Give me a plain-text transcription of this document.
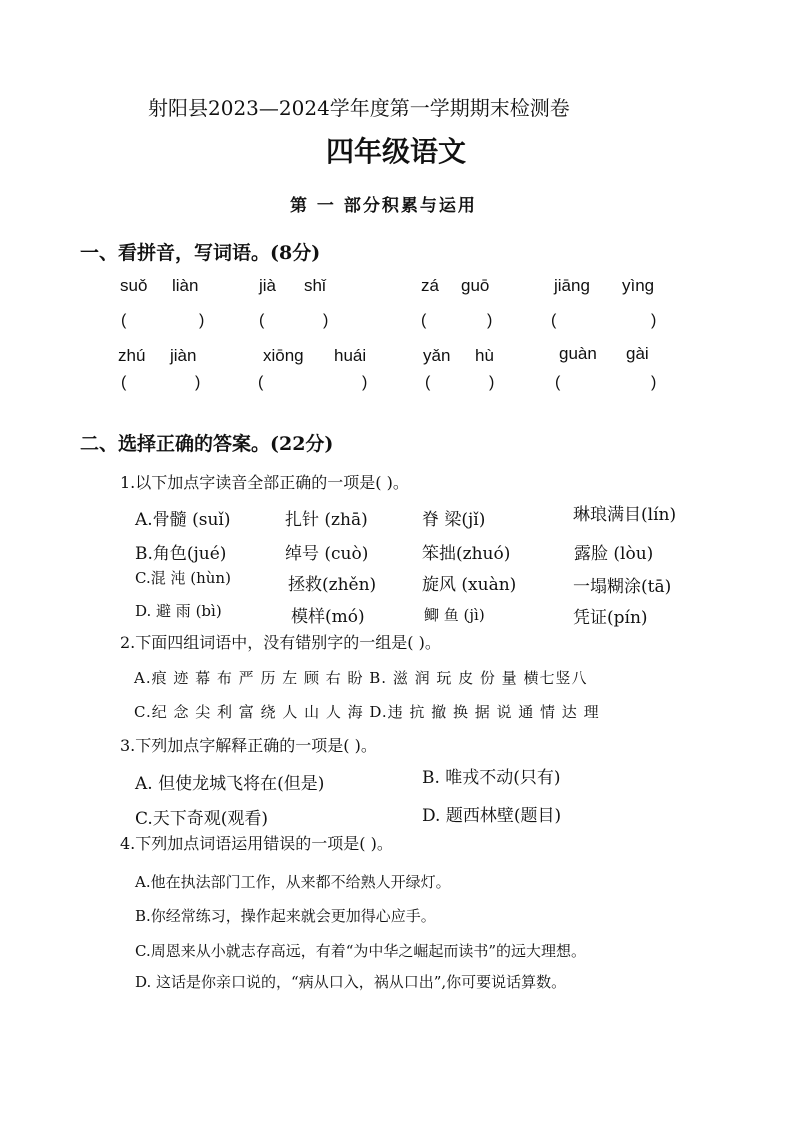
射阳县2023—2024学年度第一学期期末检测卷
四年级语文
第 一 部分积累与运用
一、看拼音，写词语。(8分)
suǒ liàn	jià shǐ	zá guō	jiāng yìng
(	)	(	)	(	)	(	)
zhú jiàn	xiōng huái	yǎn hù	guàn gài
(	)	(	)	(	)	(	)
二、选择正确的答案。(22分)
1.以下加点字读音全部正确的一项是( )。
A.骨髓 (suǐ)	扎针 (zhā)	脊 梁(jǐ)	琳琅满目(lín)
B.角色(jué)	绰号 (cuò)	笨拙(zhuó)	露脸 (lòu)
C.混 沌 (hùn)	拯救(zhěn)	旋风 (xuàn)	一塌糊涂(tā)
D. 避 雨 (bì)	模样(mó)	鲫 鱼 (jì)	凭证(pín)
2.下面四组词语中，没有错别字的一组是( )。
A.痕 迹 幕 布 严 历 左 顾 右 盼 B. 滋 润 玩 皮 份 量 横七竖八
C.纪 念 尖 利 富 绕 人 山 人 海 D.违 抗 撤 换 据 说 通 情 达 理
3.下列加点字解释正确的一项是( )。
A. 但使龙城飞将在(但是)	B. 唯戎不动(只有)
C.天下奇观(观看)	D. 题西林壁(题目)
4.下列加点词语运用错误的一项是( )。
A.他在执法部门工作，从来都不给熟人开绿灯。
B.你经常练习，操作起来就会更加得心应手。
C.周恩来从小就志存高远，有着“为中华之崛起而读书”的远大理想。
D. 这话是你亲口说的，“病从口入，祸从口出”,你可要说话算数。
